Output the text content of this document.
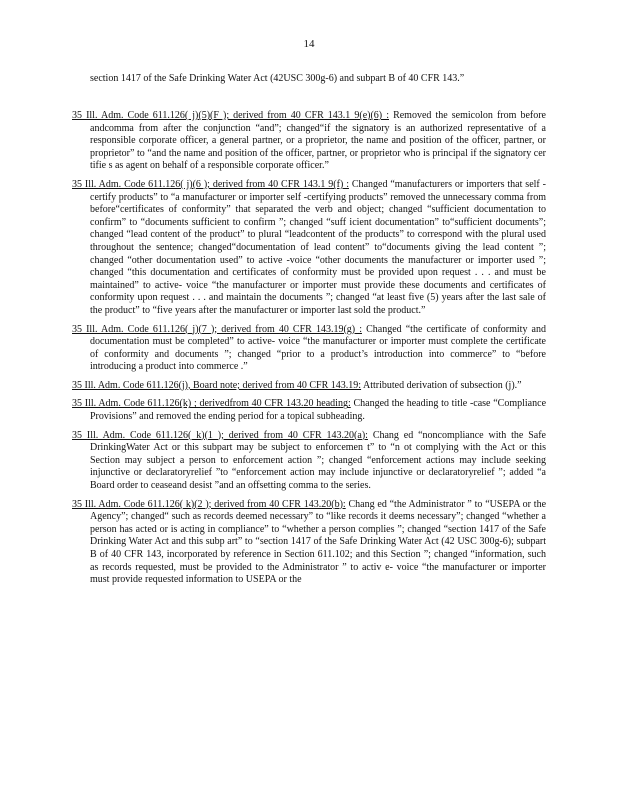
14

section 1417 of the Safe Drinking Water Act (42USC 300g-6) and subpart B of 40 CFR 143.”

35 Ill. Adm. Code 611.126( j)(5)(F ); derived from 40 CFR 143.1 9(e)(6) : Removed the semicolon from before andcomma from after the conjunction “and”; changed“if the signatory is an authorized representative of a responsible corporate officer, a general partner, or a proprietor, the name and position of the officer, partner, or proprietor” to “and the name and position of the officer, partner, or proprietor who is principal if the signatory cer tifie s as agent on behalf of a responsible corporate officer.”

35 Ill. Adm. Code 611.126( j)(6 ); derived from 40 CFR 143.1 9(f) : Changed “manufacturers or importers that self -certify products” to “a manufacturer or importer self -certifying products” removed the unnecessary comma from before“certificates of conformity” that separated the verb and object; changed “sufficient documentation to confirm” to “documents sufficient to confirm ”; changed “suff icient documentation” to“sufficient documents”; changed “lead content of the product” to plural “leadcontent of the products” to correspond with the plural used throughout the sentence; changed“documentation of lead content” to“documents giving the lead content ”; changed “other documentation used” to active -voice “other documents the manufacturer or importer used ”; changed “this documentation and certificates of conformity must be provided upon request . . . and must be maintained” to active- voice “the manufacturer or importer must provide these documents and certificates of conformity upon request . . . and maintain the documents ”; changed “at least five (5) years after the last sale of the product” to “five years after the manufacturer or importer last sold the product.”

35 Ill. Adm. Code 611.126( j)(7 ); derived from 40 CFR 143.19(g) : Changed “the certificate of conformity and documentation must be completed” to active- voice “the manufacturer or importer must complete the certificate of conformity and documents ”; changed “prior to a product’s introduction into commerce” to “before introducing a product into commerce .”

35 Ill. Adm. Code 611.126(j), Board note; derived from 40 CFR 143.19: Attributed derivation of subsection (j).”

35 Ill. Adm. Code 611.126(k) ; derivedfrom 40 CFR 143.20 heading: Changed the heading to title -case “Compliance Provisions” and removed the ending period for a topical subheading.

35 Ill. Adm. Code 611.126( k)(1 ); derived from 40 CFR 143.20(a): Chang ed “noncompliance with the Safe DrinkingWater Act or this subpart may be subject to enforcemen t” to “n ot complying with the Act or this Section may subject a person to enforcement action ”; changed “enforcement actions may include seeking injunctive or declaratoryrelief ”to “enforcement action may include injunctive or declaratoryrelief ”; added “a Board order to ceaseand desist ”and an offsetting comma to the series.

35 Ill. Adm. Code 611.126( k)(2 ); derived from 40 CFR 143.20(b): Chang ed “the Administrator ” to “USEPA or the Agency”; changed“ such as records deemed necessary” to “like records it deems necessary”; changed “whether a person has acted or is acting in compliance” to “whether a person complies ”; changed “section 1417 of the Safe Drinking Water Act and this subp art” to “section 1417 of the Safe Drinking Water Act (42 USC 300g-6); subpart B of 40 CFR 143, incorporated by reference in Section 611.102; and this Section ”; changed “information, such as records requested, must be provided to the Administrator ” to activ e- voice “the manufacturer or importer must provide requested information to USEPA or the
